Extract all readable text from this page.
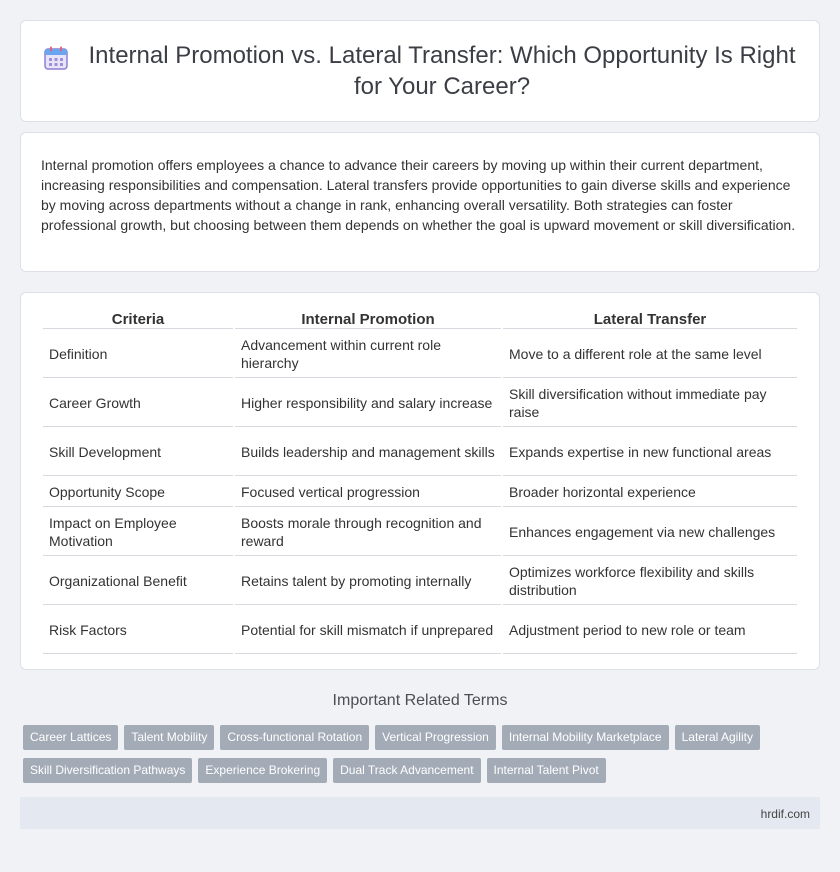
Internal Promotion vs. Lateral Transfer: Which Opportunity Is Right for Your Career?

Internal promotion offers employees a chance to advance their careers by moving up within their current department, increasing responsibilities and compensation. Lateral transfers provide opportunities to gain diverse skills and experience by moving across departments without a change in rank, enhancing overall versatility. Both strategies can foster professional growth, but choosing between them depends on whether the goal is upward movement or skill diversification.

Criteria	Internal Promotion	Lateral Transfer
Definition	Advancement within current role hierarchy	Move to a different role at the same level
Career Growth	Higher responsibility and salary increase	Skill diversification without immediate pay raise
Skill Development	Builds leadership and management skills	Expands expertise in new functional areas
Opportunity Scope	Focused vertical progression	Broader horizontal experience
Impact on Employee Motivation	Boosts morale through recognition and reward	Enhances engagement via new challenges
Organizational Benefit	Retains talent by promoting internally	Optimizes workforce flexibility and skills distribution
Risk Factors	Potential for skill mismatch if unprepared	Adjustment period to new role or team
Important Related Terms
Career Lattices	Talent Mobility	Cross-functional Rotation	Vertical Progression	Internal Mobility Marketplace	Lateral Agility
Skill Diversification Pathways	Experience Brokering	Dual Track Advancement	Internal Talent Pivot
hrdif.com
